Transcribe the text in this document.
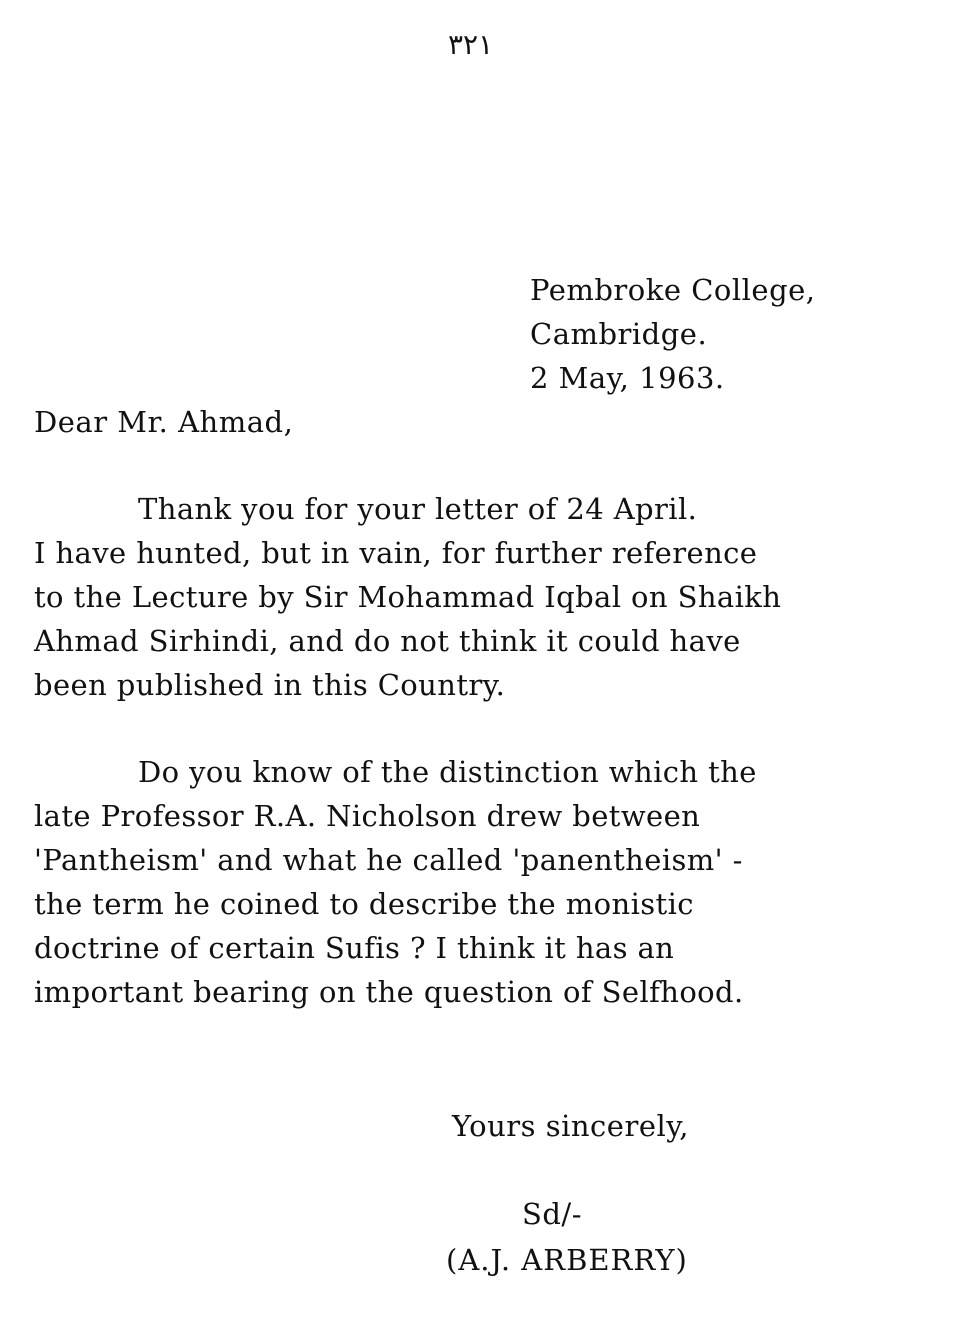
۳۲۱
Pembroke College,
Cambridge.
2 May, 1963.
Dear Mr. Ahmad,
Thank you for your letter of 24 April.
I have hunted, but in vain, for further reference
to the Lecture by Sir Mohammad Iqbal on Shaikh
Ahmad Sirhindi, and do not think it could have
been published in this Country.
Do you know of the distinction which the
late Professor R.A. Nicholson drew between
'Pantheism' and what he called 'panentheism' -
the term he coined to describe the monistic
doctrine of certain Sufis ? I think it has an
important bearing on the question of Selfhood.
Yours sincerely,
Sd/-
(A.J. ARBERRY)
